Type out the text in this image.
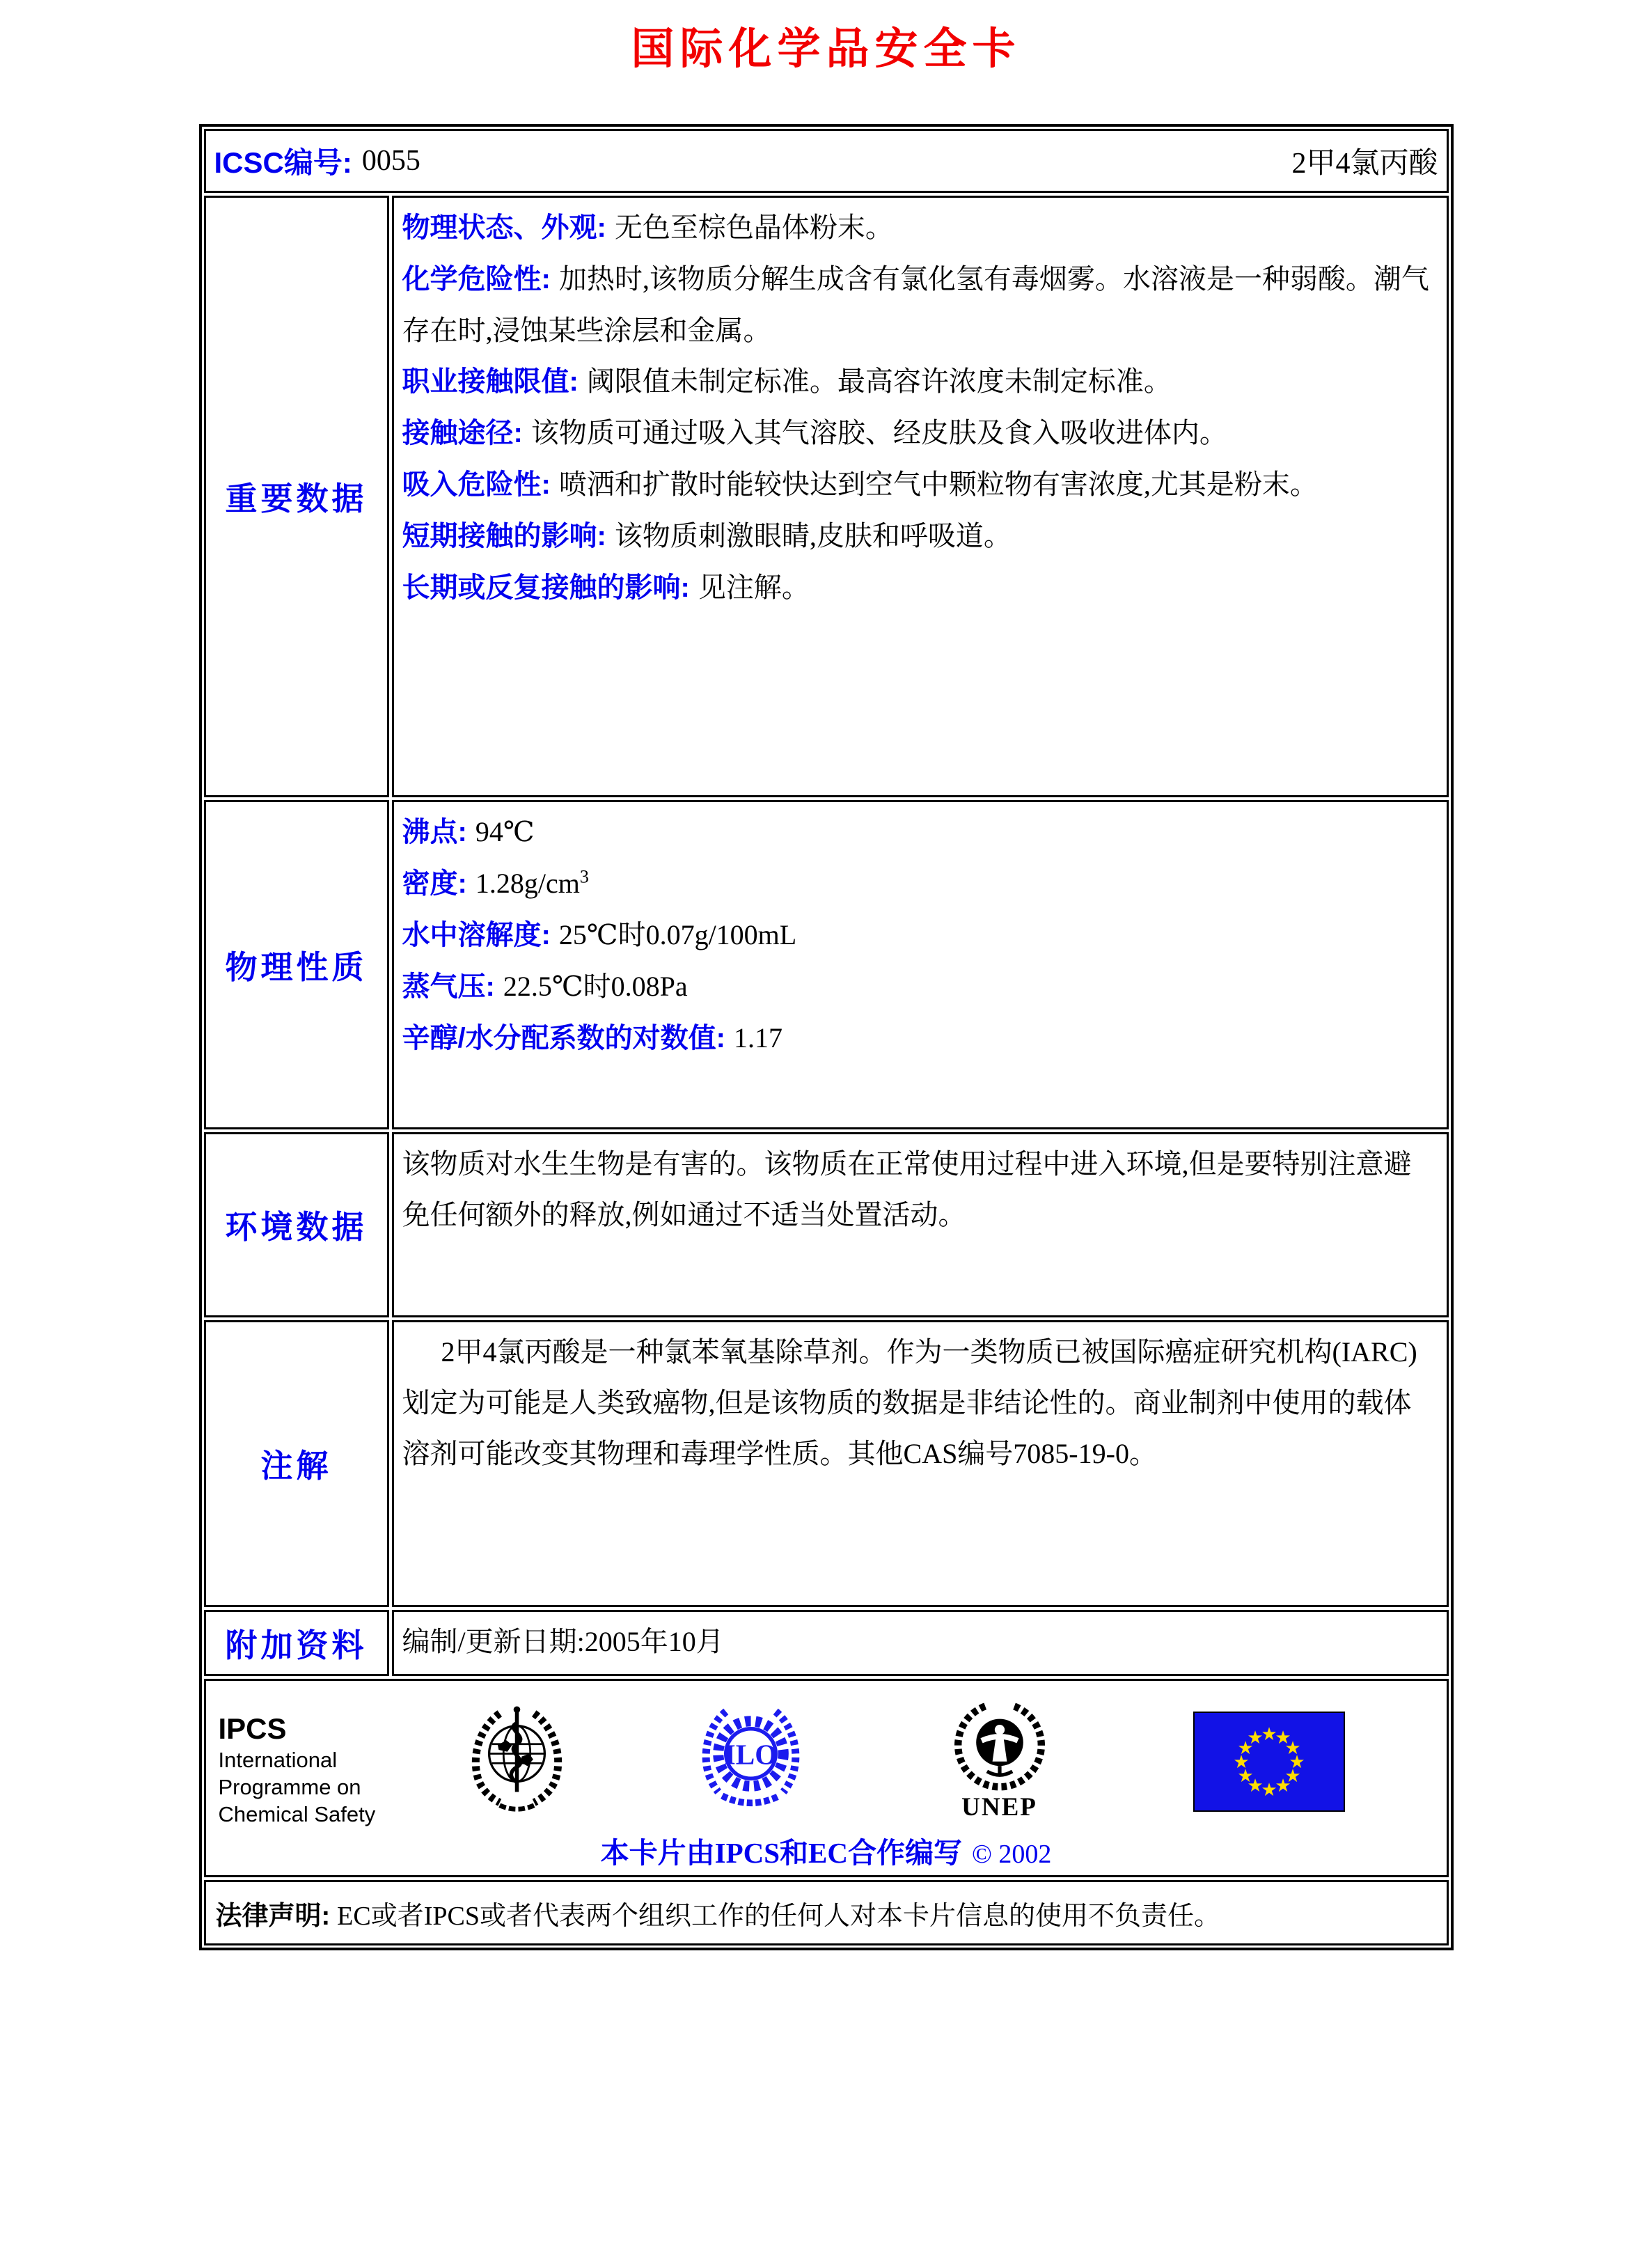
国际化学品安全卡
ICSC编号: 0055	2甲4氯丙酸
重要数据
物理状态、外观: 无色至棕色晶体粉末。
化学危险性: 加热时,该物质分解生成含有氯化氢有毒烟雾。水溶液是一种弱酸。潮气存在时,浸蚀某些涂层和金属。
职业接触限值: 阈限值未制定标准。最高容许浓度未制定标准。
接触途径: 该物质可通过吸入其气溶胶、经皮肤及食入吸收进体内。
吸入危险性: 喷洒和扩散时能较快达到空气中颗粒物有害浓度,尤其是粉末。
短期接触的影响: 该物质刺激眼睛,皮肤和呼吸道。
长期或反复接触的影响: 见注解。
物理性质
沸点: 94℃
密度: $1.28g/cm^3$
水中溶解度: 25℃时0.07g/100mL
蒸气压: 22.5℃时0.08Pa
辛醇/水分配系数的对数值: 1.17
环境数据
该物质对水生生物是有害的。该物质在正常使用过程中进入环境,但是要特别注意避免任何额外的释放,例如通过不适当处置活动。
注解
2甲4氯丙酸是一种氯苯氧基除草剂。作为一类物质已被国际癌症研究机构(IARC)划定为可能是人类致癌物,但是该物质的数据是非结论性的。商业制剂中使用的载体溶剂可能改变其物理和毒理学性质。其他CAS编号7085-19-0。
附加资料	编制/更新日期:2005年10月
IPCS
International
Programme on
Chemical Safety
ILO
UNEP
★
★
★
★
★
★
★
★
★
★
★
★
本卡片由IPCS和EC合作编写 © 2002
法律声明: EC或者IPCS或者代表两个组织工作的任何人对本卡片信息的使用不负责任。
